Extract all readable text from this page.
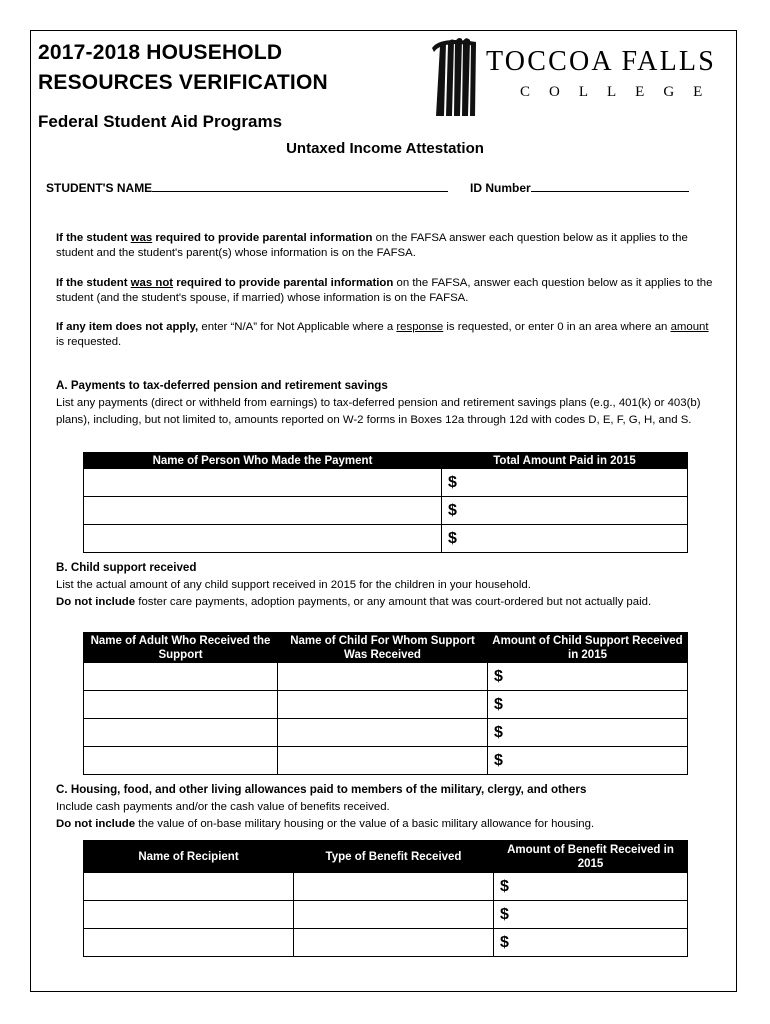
2017-2018 HOUSEHOLD
RESOURCES VERIFICATION
TOCCOA FALLS
COLLEGE
Federal Student Aid Programs
Untaxed Income Attestation
STUDENT'S NAME	ID Number
If the student was required to provide parental information on the FAFSA answer each question below as it applies to the student and the student's parent(s) whose information is on the FAFSA.
If the student was not required to provide parental information on the FAFSA, answer each question below as it applies to the student (and the student's spouse, if married) whose information is on the FAFSA.
If any item does not apply, enter “N/A” for Not Applicable where a response is requested, or enter 0 in an area where an amount is requested.
A. Payments to tax-deferred pension and retirement savings
List any payments (direct or withheld from earnings) to tax-deferred pension and retirement savings plans (e.g., 401(k) or 403(b) plans), including, but not limited to, amounts reported on W-2 forms in Boxes 12a through 12d with codes D, E, F, G, H, and S.
Name of Person Who Made the Payment	Total Amount Paid in 2015
	$
	$
	$
B. Child support received
List the actual amount of any child support received in 2015 for the children in your household.
Do not include foster care payments, adoption payments, or any amount that was court-ordered but not actually paid.
Name of Adult Who Received the Support	Name of Child For Whom Support Was Received	Amount of Child Support Received in 2015
		$
		$
		$
		$
C. Housing, food, and other living allowances paid to members of the military, clergy, and others
Include cash payments and/or the cash value of benefits received.
Do not include the value of on-base military housing or the value of a basic military allowance for housing.
Name of Recipient	Type of Benefit Received	Amount of Benefit Received in 2015
		$
		$
		$
